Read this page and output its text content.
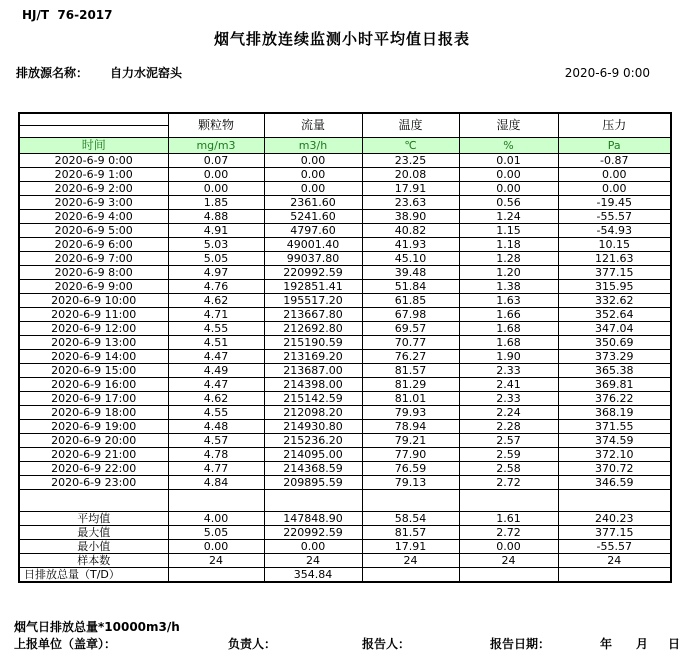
HJ/T  76-2017
烟气排放连续监测小时平均值日报表
排放源名称： 自力水泥窑头	2020-6-9 0:00
	颗粒物	流量	温度	湿度	压力

时间	mg/m3	m3/h	℃	%	Pa
2020-6-9 0:00	0.07	0.00	23.25	0.01	-0.87
2020-6-9 1:00	0.00	0.00	20.08	0.00	0.00
2020-6-9 2:00	0.00	0.00	17.91	0.00	0.00
2020-6-9 3:00	1.85	2361.60	23.63	0.56	-19.45
2020-6-9 4:00	4.88	5241.60	38.90	1.24	-55.57
2020-6-9 5:00	4.91	4797.60	40.82	1.15	-54.93
2020-6-9 6:00	5.03	49001.40	41.93	1.18	10.15
2020-6-9 7:00	5.05	99037.80	45.10	1.28	121.63
2020-6-9 8:00	4.97	220992.59	39.48	1.20	377.15
2020-6-9 9:00	4.76	192851.41	51.84	1.38	315.95
2020-6-9 10:00	4.62	195517.20	61.85	1.63	332.62
2020-6-9 11:00	4.71	213667.80	67.98	1.66	352.64
2020-6-9 12:00	4.55	212692.80	69.57	1.68	347.04
2020-6-9 13:00	4.51	215190.59	70.77	1.68	350.69
2020-6-9 14:00	4.47	213169.20	76.27	1.90	373.29
2020-6-9 15:00	4.49	213687.00	81.57	2.33	365.38
2020-6-9 16:00	4.47	214398.00	81.29	2.41	369.81
2020-6-9 17:00	4.62	215142.59	81.01	2.33	376.22
2020-6-9 18:00	4.55	212098.20	79.93	2.24	368.19
2020-6-9 19:00	4.48	214930.80	78.94	2.28	371.55
2020-6-9 20:00	4.57	215236.20	79.21	2.57	374.59
2020-6-9 21:00	4.78	214095.00	77.90	2.59	372.10
2020-6-9 22:00	4.77	214368.59	76.59	2.58	370.72
2020-6-9 23:00	4.84	209895.59	79.13	2.72	346.59

平均值	4.00	147848.90	58.54	1.61	240.23
最大值	5.05	220992.59	81.57	2.72	377.15
最小值	0.00	0.00	17.91	0.00	-55.57
样本数	24	24	24	24	24
日排放总量（T/D）		354.84			
烟气日排放总量*10000m3/h
上报单位（盖章）：	负责人：	报告人：	报告日期：	年 月 日
